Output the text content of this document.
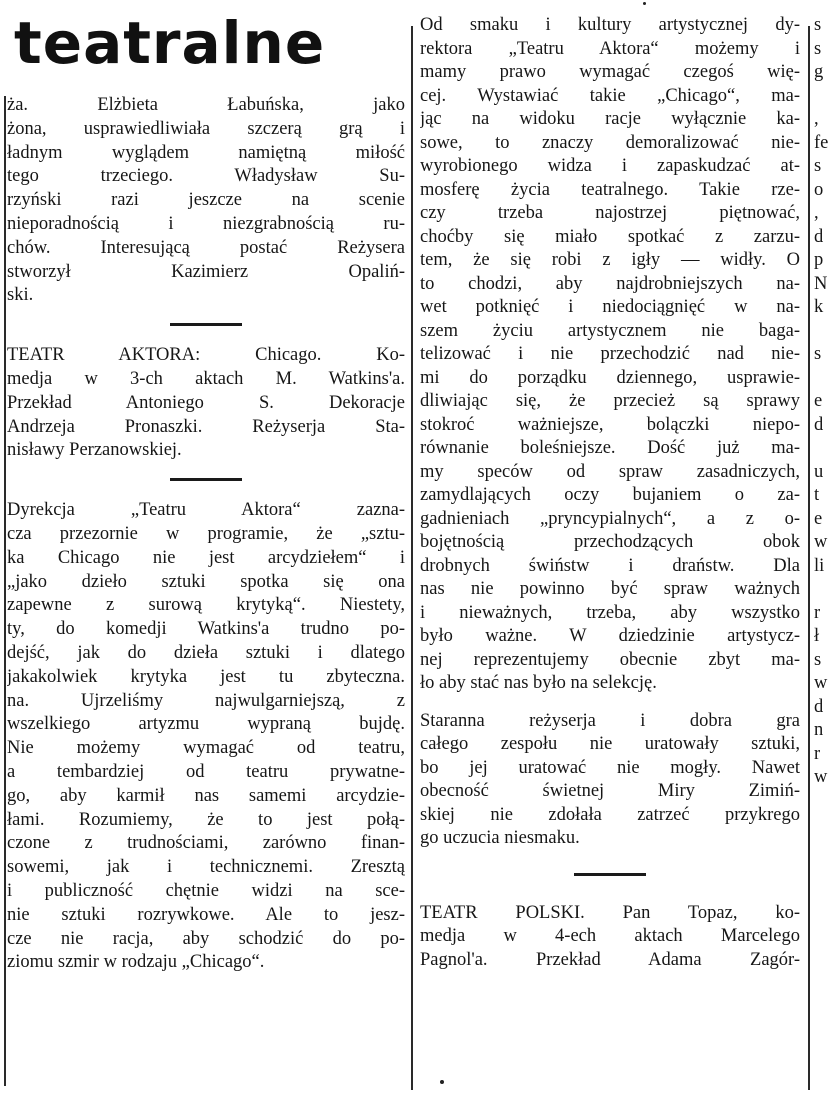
teatralne
ża. Elżbieta Łabuńska, jako
żona, usprawiedliwiała szczerą grą i
ładnym wyglądem namiętną miłość
tego trzeciego. Władysław Su-
rzyński razi jeszcze na scenie
nieporadnością i niezgrabnością ru-
chów. Interesującą postać Reżysera
stworzył Kazimierz Opaliń-
ski.
TEATR AKTORA: Chicago. Ko-
medja w 3-ch aktach M. Watkins'a.
Przekład Antoniego S. Dekoracje
Andrzeja Pronaszki. Reżyserja Sta-
nisławy Perzanowskiej.
Dyrekcja „Teatru Aktora“ zazna-
cza przezornie w programie, że „sztu-
ka Chicago nie jest arcydziełem“ i
„jako dzieło sztuki spotka się ona
zapewne z surową krytyką“. Niestety,
ty, do komedji Watkins'a trudno po-
dejść, jak do dzieła sztuki i dlatego
jakakolwiek krytyka jest tu zbyteczna.
na. Ujrzeliśmy najwulgarniejszą, z
wszelkiego artyzmu wypraną bujdę.
Nie możemy wymagać od teatru,
a tembardziej od teatru prywatne-
go, aby karmił nas samemi arcydzie-
łami. Rozumiemy, że to jest połą-
czone z trudnościami, zarówno finan-
sowemi, jak i technicznemi. Zresztą
i publiczność chętnie widzi na sce-
nie sztuki rozrywkowe. Ale to jesz-
cze nie racja, aby schodzić do po-
ziomu szmir w rodzaju „Chicago“.
Od smaku i kultury artystycznej dy-
rektora „Teatru Aktora“ możemy i
mamy prawo wymagać czegoś wię-
cej. Wystawiać takie „Chicago“, ma-
jąc na widoku racje wyłącznie ka-
sowe, to znaczy demoralizować nie-
wyrobionego widza i zapaskudzać at-
mosferę życia teatralnego. Takie rze-
czy trzeba najostrzej piętnować,
choćby się miało spotkać z zarzu-
tem, że się robi z igły — widły. O
to chodzi, aby najdrobniejszych na-
wet potknięć i niedociągnięć w na-
szem życiu artystycznem nie baga-
telizować i nie przechodzić nad nie-
mi do porządku dziennego, usprawie-
dliwiając się, że przecież są sprawy
stokroć ważniejsze, bolączki niepo-
równanie boleśniejsze. Dość już ma-
my speców od spraw zasadniczych,
zamydlających oczy bujaniem o za-
gadnieniach „pryncypialnych“, a z o-
bojętnością przechodzących obok
drobnych świństw i draństw. Dla
nas nie powinno być spraw ważnych
i nieważnych, trzeba, aby wszystko
było ważne. W dziedzinie artystycz-
nej reprezentujemy obecnie zbyt ma-
ło aby stać nas było na selekcję.
Staranna reżyserja i dobra gra
całego zespołu nie uratowały sztuki,
bo jej uratować nie mogły. Nawet
obecność świetnej Miry Zimiń-
skiej nie zdołała zatrzeć przykrego
go uczucia niesmaku.
TEATR POLSKI. Pan Topaz, ko-
medja w 4-ech aktach Marcelego
Pagnol'a. Przekład Adama Zagór-
s
s
g
,
fe
s
o
,
d
p
N
k
s
e
d
u
t
e
w
li
r
ł
s
w
d
n
r
w
